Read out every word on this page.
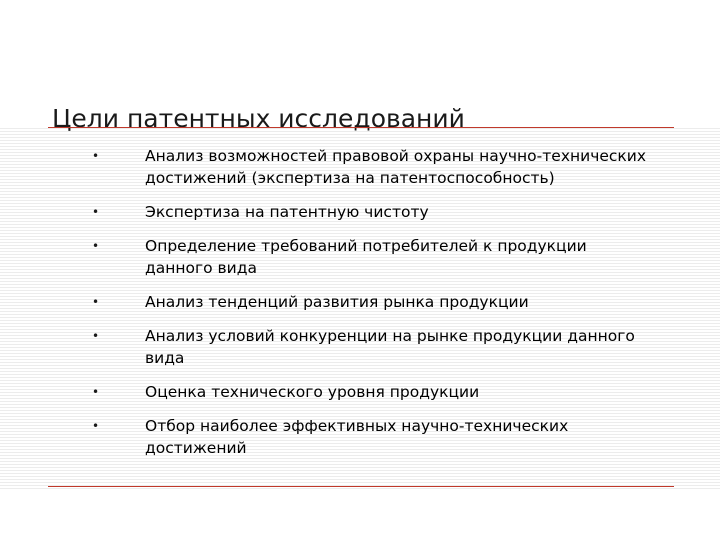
Цели патентных исследований
•	Анализ возможностей правовой охраны научно-технических достижений (экспертиза на патентоспособность)
•	Экспертиза на патентную чистоту
•	Определение требований потребителей к продукции данного вида
•	Анализ тенденций развития рынка продукции
•	Анализ условий конкуренции на рынке продукции данного вида
•	Оценка технического уровня продукции
•	Отбор наиболее эффективных научно-технических достижений
